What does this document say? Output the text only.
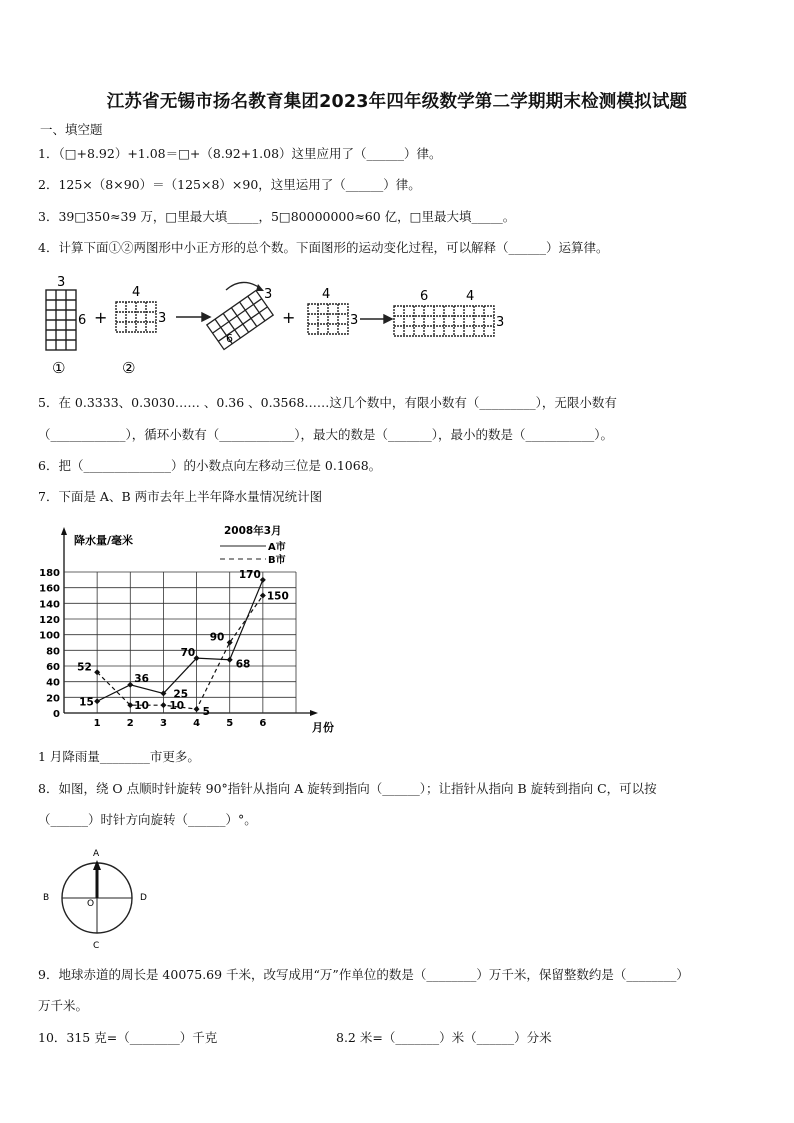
江苏省无锡市扬名教育集团2023年四年级数学第二学期期末检测模拟试题
一、填空题
1．（□+8.92）+1.08＝□+（8.92+1.08）这里应用了（______）律。
2．125×（8×90）＝（125×8）×90，这里运用了（______）律。
3．39□350≈39 万，□里最大填_____，5□80000000≈60 亿，□里最大填_____。
4．计算下面①②两图形中小正方形的总个数。下面图形的运动变化过程，可以解释（______）运算律。
3
6
①
+
4
3
②
3
6
+
4
3
6	4
3
5．在 0.3333、0.3030…… 、0.36 、0.3568……这几个数中，有限小数有（_________），无限小数有
（____________），循环小数有（____________），最大的数是（_______），最小的数是（___________）。
6．把（______________）的小数点向左移动三位是 0.1068。
7．下面是 A、B 两市去年上半年降水量情况统计图
降水量/毫米
2008年3月
A市
B市
月份
0
20
40
60
80
100
120
140
160
180
1	2	3	4	5	6
15
36
25
70
68
170
52
10 10 5
90
150
1 月降雨量________市更多。
8．如图，绕 O 点顺时针旋转 90°指针从指向 A 旋转到指向（______）；让指针从指向 B 旋转到指向 C，可以按
（______）时针方向旋转（______）°。
A
B
C
D
O
9．地球赤道的周长是 40075.69 千米，改写成用“万”作单位的数是（________）万千米，保留整数约是（________）
万千米。
10．315 克=（________）千克	8.2 米=（_______）米（______）分米
